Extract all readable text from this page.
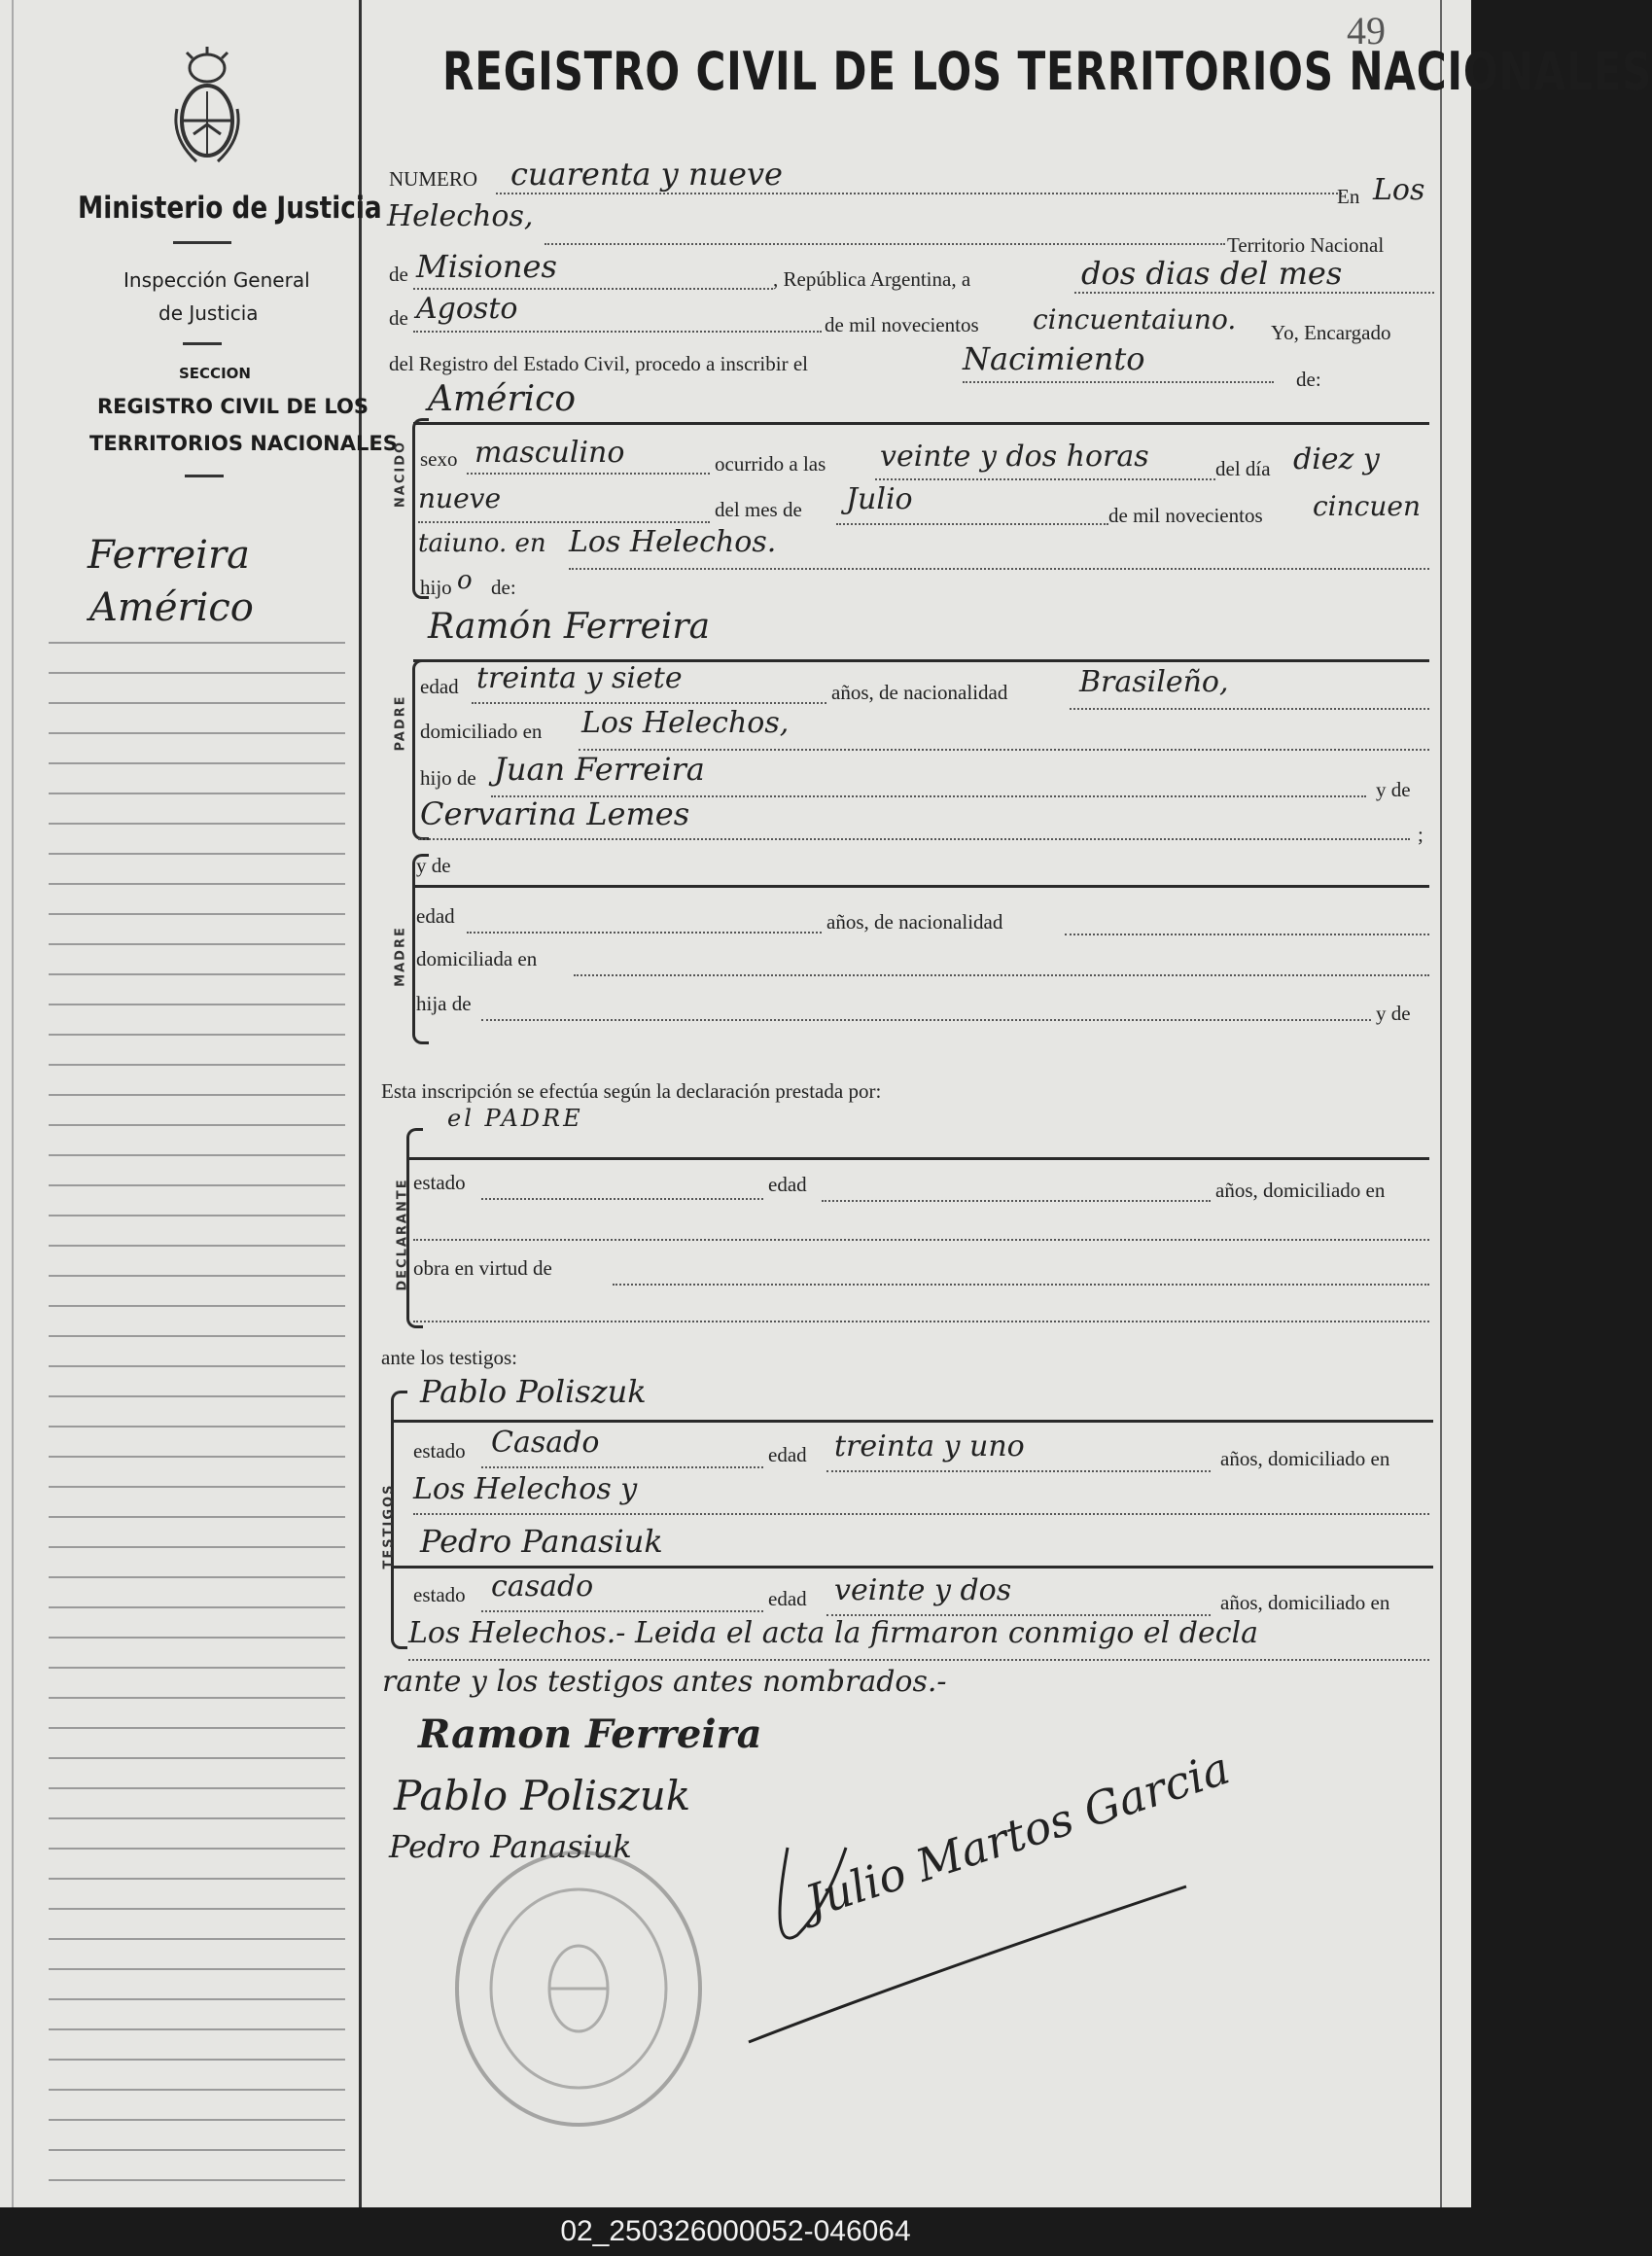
49
Ministerio de Justicia
Inspección General
de Justicia
SECCION
REGISTRO CIVIL DE LOS
TERRITORIOS NACIONALES
Ferreira
Américo
REGISTRO CIVIL DE LOS TERRITORIOS NACIONALES
NUMERO cuarenta y nueve
En Los
Helechos,
Territorio Nacional
de Misiones	, República Argentina, a	dos dias del mes
de Agosto	de mil novecientos cincuentaiuno. Yo, Encargado
del Registro del Estado Civil, procedo a inscribir el	Nacimiento
de:
NACIDO
Américo
sexo masculino	ocurrido a las veinte y dos horas	del día diez y
nueve	del mes de Julio	de mil novecientos cincuen
taiuno. en Los Helechos.
hijo o de:
PADRE
Ramón Ferreira
edad treinta y siete	años, de nacionalidad Brasileño,
domiciliado en Los Helechos,
hijo de Juan Ferreira
y de
Cervarina Lemes
;
MADRE
y de
edad	años, de nacionalidad
domiciliada en
hija de	y de
Esta inscripción se efectúa según la declaración prestada por:
DECLARANTE
el PADRE
estado	edad	años, domiciliado en
obra en virtud de
ante los testigos:
TESTIGOS
Pablo Poliszuk
estado Casado	edad treinta y uno	años, domiciliado en
Los Helechos y
Pedro Panasiuk
estado casado	edad veinte y dos	años, domiciliado en
Los Helechos.- Leida el acta la firmaron conmigo el decla
rante y los testigos antes nombrados.-
Ramon Ferreira
Pablo Poliszuk
Pedro Panasiuk	Julio Martos Garcia
02_250326000052-046064
